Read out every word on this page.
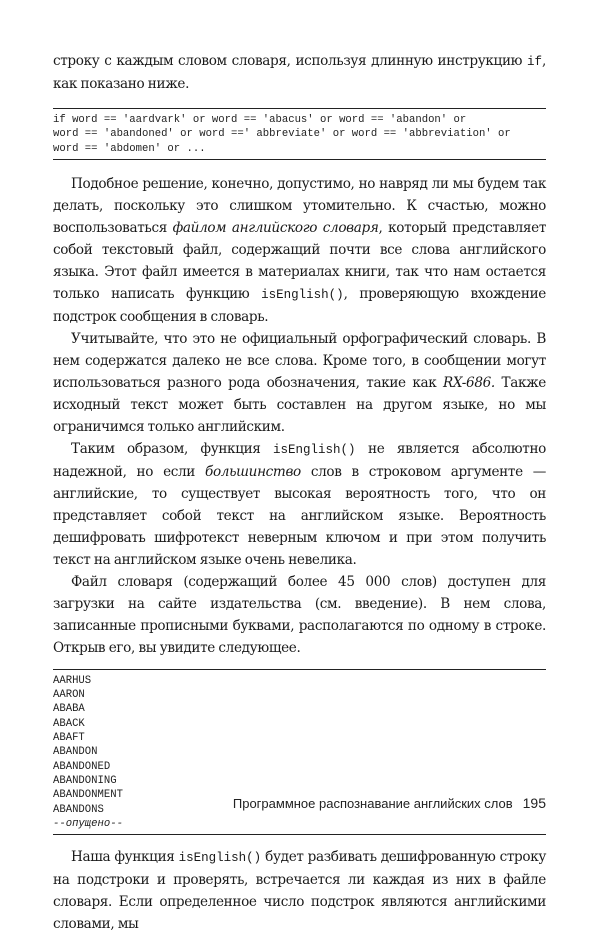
строку с каждым словом словаря, используя длинную инструкцию if, как показано ниже.

if word == 'aardvark' or word == 'abacus' or word == 'abandon' or
word == 'abandoned' or word ==' abbreviate' or word == 'abbreviation' or
word == 'abdomen' or ...

Подобное решение, конечно, допустимо, но навряд ли мы будем так делать, поскольку это слишком утомительно. К счастью, можно воспользоваться файлом английского словаря, который представляет собой текстовый файл, содержащий почти все слова английского языка. Этот файл имеется в материалах книги, так что нам остается только написать функцию isEnglish(), проверяющую вхождение подстрок сообщения в словарь.

Учитывайте, что это не официальный орфографический словарь. В нем содержатся далеко не все слова. Кроме того, в сообщении могут использоваться разного рода обозначения, такие как RX-686. Также исходный текст может быть составлен на другом языке, но мы ограничимся только английским.

Таким образом, функция isEnglish() не является абсолютно надежной, но если большинство слов в строковом аргументе — английские, то существует высокая вероятность того, что он представляет собой текст на английском языке. Вероятность дешифровать шифротекст неверным ключом и при этом получить текст на английском языке очень невелика.

Файл словаря (содержащий более 45 000 слов) доступен для загрузки на сайте издательства (см. введение). В нем слова, записанные прописными буквами, располагаются по одному в строке. Открыв его, вы увидите следующее.

AARHUS
AARON
ABABA
ABACK
ABAFT
ABANDON
ABANDONED
ABANDONING
ABANDONMENT
ABANDONS
--опущено--

Наша функция isEnglish() будет разбивать дешифрованную строку на подстроки и проверять, встречается ли каждая из них в файле словаря. Если определенное число подстрок являются английскими словами, мы

Программное распознавание английских слов 195
